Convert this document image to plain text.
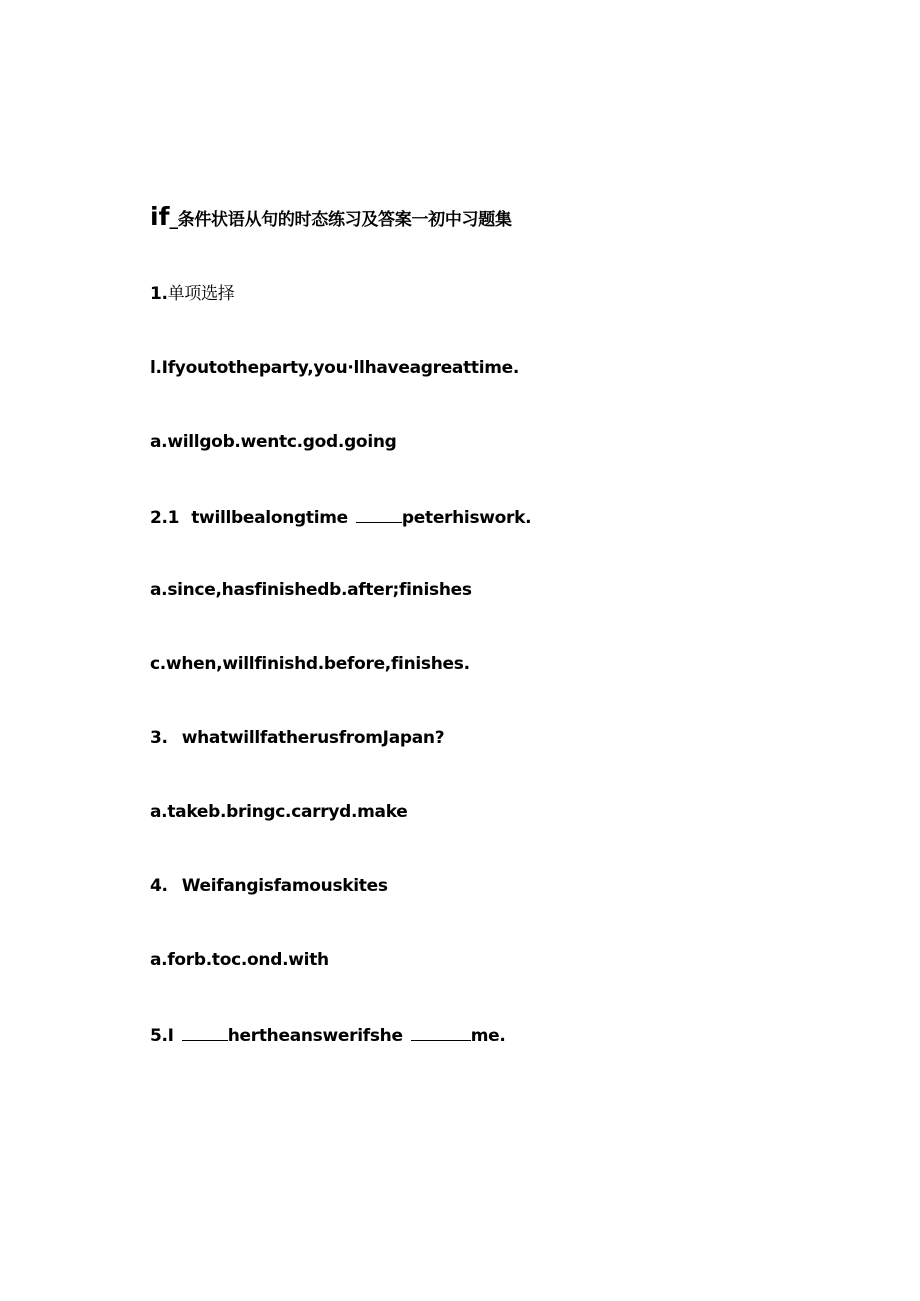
if_条件状语从句的时态练习及答案一初中习题集
1.单项选择
l.Ifyoutotheparty,you·llhaveagreattime.
a.willgob.wentc.god.going
2.1 twillbealongtime	peterhiswork.
a.since,hasfinishedb.after;finishes
c.when,willfinishd.before,finishes.
3. whatwillfatherusfromJapan?
a.takeb.bringc.carryd.make
4. Weifangisfamouskites
a.forb.toc.ond.with
5.I	hertheanswerifshe	me.
